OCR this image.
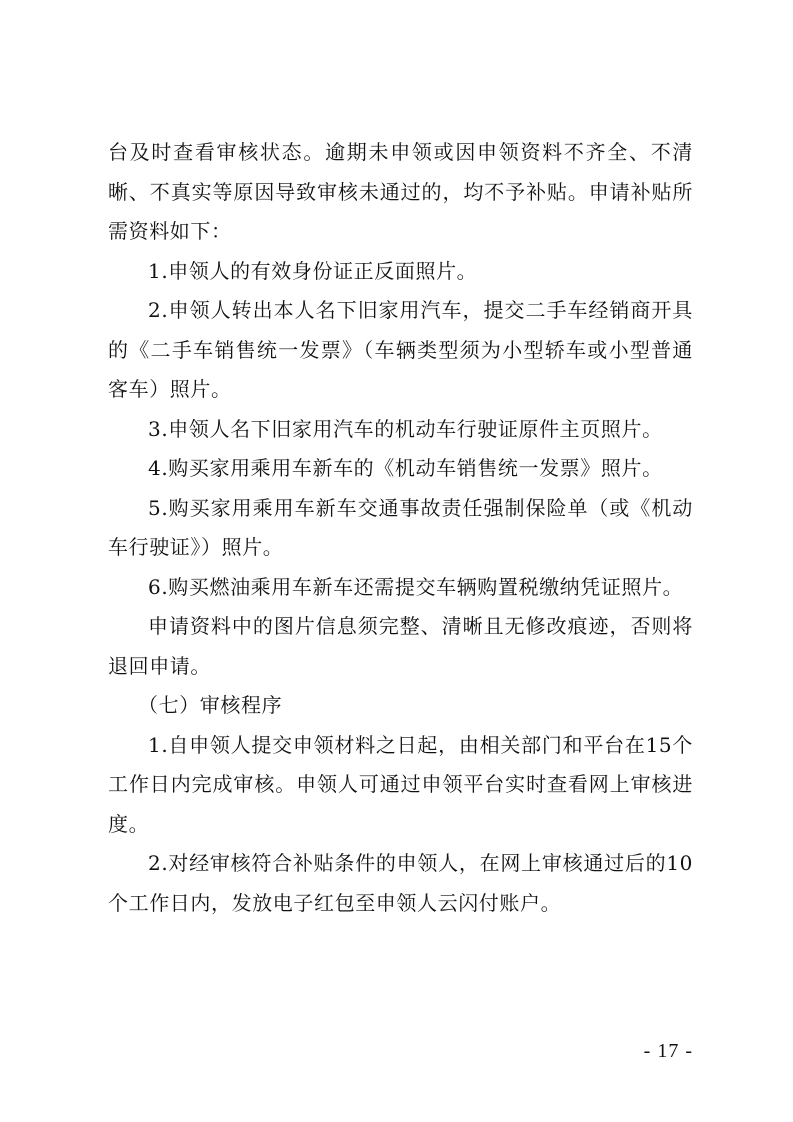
台及时查看审核状态。逾期未申领或因申领资料不齐全、不清晰、不真实等原因导致审核未通过的，均不予补贴。申请补贴所需资料如下：

1.申领人的有效身份证正反面照片。

2.申领人转出本人名下旧家用汽车，提交二手车经销商开具的《二手车销售统一发票》（车辆类型须为小型轿车或小型普通客车）照片。

3.申领人名下旧家用汽车的机动车行驶证原件主页照片。

4.购买家用乘用车新车的《机动车销售统一发票》照片。

5.购买家用乘用车新车交通事故责任强制保险单（或《机动车行驶证》）照片。

6.购买燃油乘用车新车还需提交车辆购置税缴纳凭证照片。

申请资料中的图片信息须完整、清晰且无修改痕迹，否则将退回申请。

（七）审核程序

1.自申领人提交申领材料之日起，由相关部门和平台在15个工作日内完成审核。申领人可通过申领平台实时查看网上审核进度。

2.对经审核符合补贴条件的申领人，在网上审核通过后的10个工作日内，发放电子红包至申领人云闪付账户。

- 17 -
